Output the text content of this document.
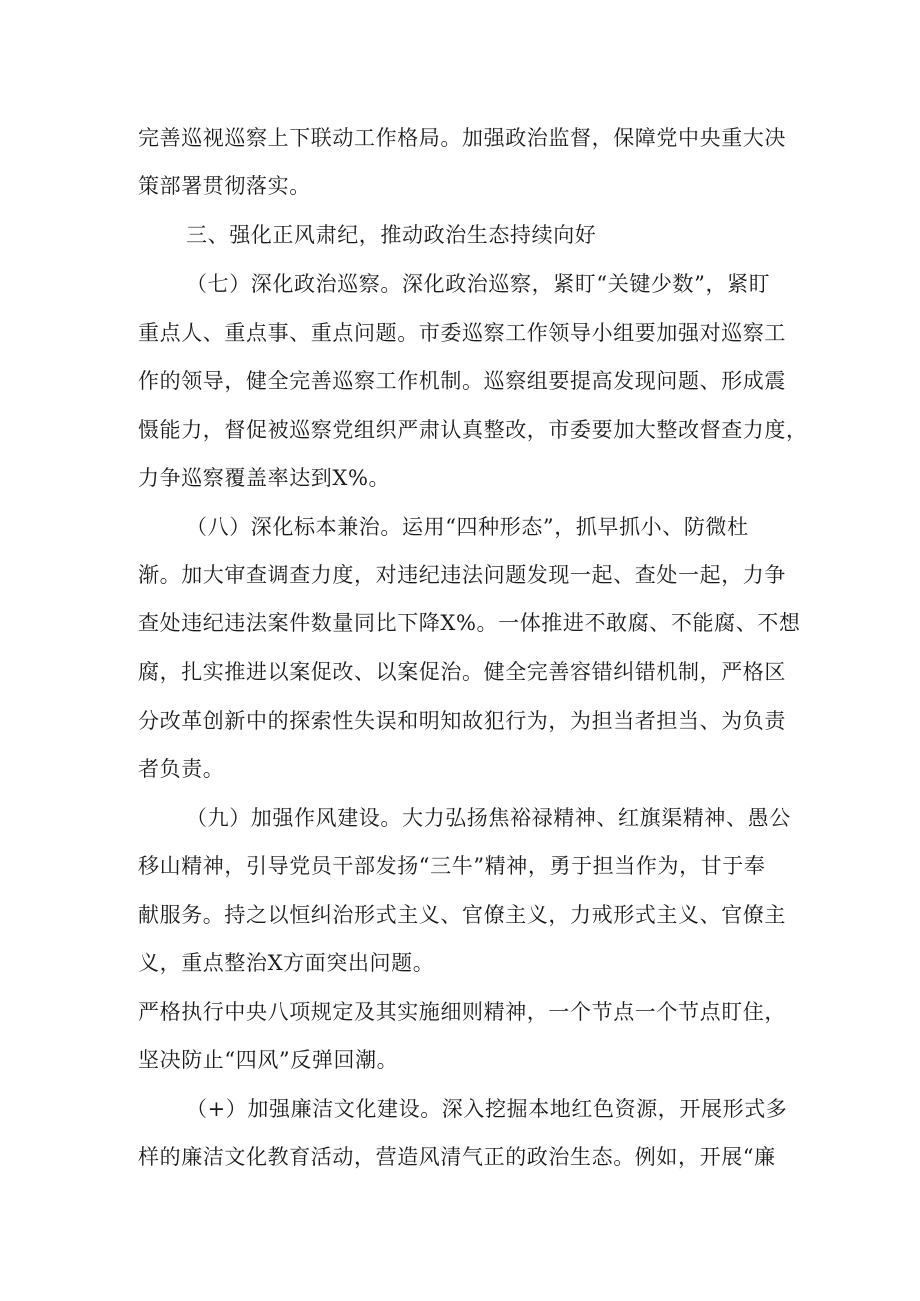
完善巡视巡察上下联动工作格局。加强政治监督，保障党中央重大决
策部署贯彻落实。
三、强化正风肃纪，推动政治生态持续向好
（七）深化政治巡察。深化政治巡察，紧盯“关键少数”，紧盯
重点人、重点事、重点问题。市委巡察工作领导小组要加强对巡察工
作的领导，健全完善巡察工作机制。巡察组要提高发现问题、形成震
慑能力，督促被巡察党组织严肃认真整改，市委要加大整改督查力度，
力争巡察覆盖率达到X%。
（八）深化标本兼治。运用“四种形态”，抓早抓小、防微杜
渐。加大审查调查力度，对违纪违法问题发现一起、查处一起，力争
查处违纪违法案件数量同比下降X%。一体推进不敢腐、不能腐、不想
腐，扎实推进以案促改、以案促治。健全完善容错纠错机制，严格区
分改革创新中的探索性失误和明知故犯行为，为担当者担当、为负责
者负责。
（九）加强作风建设。大力弘扬焦裕禄精神、红旗渠精神、愚公
移山精神，引导党员干部发扬“三牛”精神，勇于担当作为，甘于奉
献服务。持之以恒纠治形式主义、官僚主义，力戒形式主义、官僚主
义，重点整治X方面突出问题。
严格执行中央八项规定及其实施细则精神，一个节点一个节点盯住，
坚决防止“四风”反弹回潮。
（+）加强廉洁文化建设。深入挖掘本地红色资源，开展形式多
样的廉洁文化教育活动，营造风清气正的政治生态。例如，开展“廉
